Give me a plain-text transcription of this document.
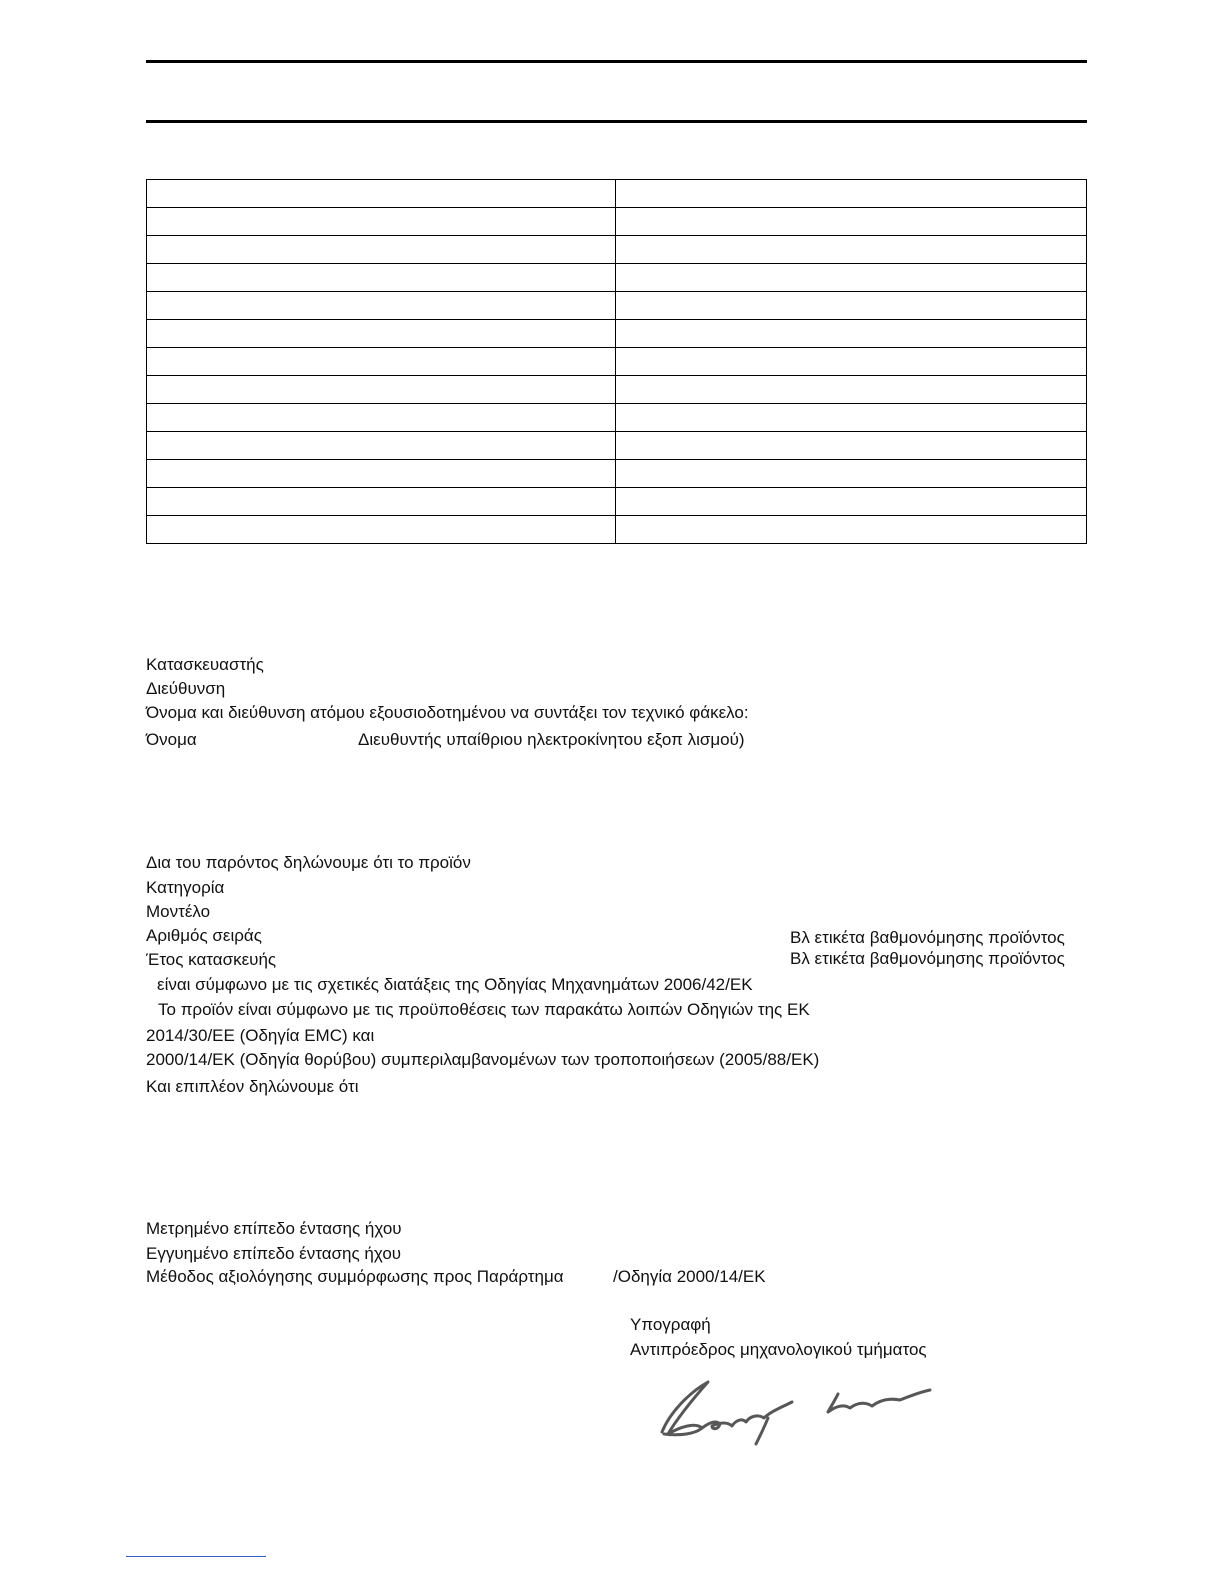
Κατασκευαστής
Διεύθυνση
Όνομα και διεύθυνση ατόμου εξουσιοδοτημένου να συντάξει τον τεχνικό φάκελο:
Όνομα	Διευθυντής υπαίθριου ηλεκτροκίνητου εξοπ λισμού)
Δια του παρόντος δηλώνουμε ότι το προϊόν
Κατηγορία
Μοντέλο
Αριθμός σειράς	Βλ ετικέτα βαθμονόμησης προϊόντος
Έτος κατασκευής	Βλ ετικέτα βαθμονόμησης προϊόντος
είναι σύμφωνο με τις σχετικές διατάξεις της Οδηγίας Μηχανημάτων 2006/42/ΕΚ
Το προϊόν είναι σύμφωνο με τις προϋποθέσεις των παρακάτω λοιπών Οδηγιών της ΕΚ
2014/30/ΕΕ (Οδηγία EMC) και
2000/14/ΕΚ (Οδηγία θορύβου) συμπεριλαμβανομένων των τροποποιήσεων (2005/88/ΕΚ)
Και επιπλέον δηλώνουμε ότι
Μετρημένο επίπεδο έντασης ήχου
Εγγυημένο επίπεδο έντασης ήχου
Μέθοδος αξιολόγησης συμμόρφωσης προς Παράρτημα	/Οδηγία 2000/14/ΕΚ
Υπογραφή
Αντιπρόεδρος μηχανολογικού τμήματος
